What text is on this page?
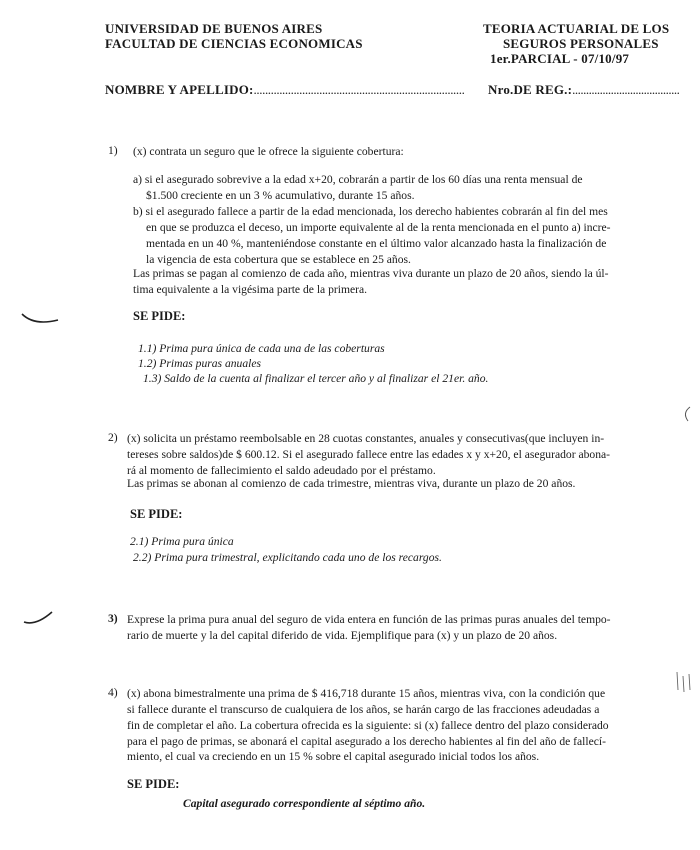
UNIVERSIDAD DE BUENOS AIRES
FACULTAD DE CIENCIAS ECONOMICAS
TEORIA ACTUARIAL DE LOS
SEGUROS PERSONALES
1er.PARCIAL - 07/10/97
NOMBRE Y APELLIDO:.......................................................................... Nro.DE REG.:.......................................
1) (x) contrata un seguro que le ofrece la siguiente cobertura:
a) si el asegurado sobrevive a la edad x+20, cobrarán a partir de los 60 días una renta mensual de
$1.500 creciente en un 3 % acumulativo, durante 15 años.
b) si el asegurado fallece a partir de la edad mencionada, los derecho habientes cobrarán al fin del mes
en que se produzca el deceso, un importe equivalente al de la renta mencionada en el punto a) incre-
mentada en un 40 %, manteniéndose constante en el último valor alcanzado hasta la finalización de
la vigencia de esta cobertura que se establece en 25 años.
Las primas se pagan al comienzo de cada año, mientras viva durante un plazo de 20 años, siendo la úl-
tima equivalente a la vigésima parte de la primera.
SE PIDE:
1.1) Prima pura única de cada una de las coberturas
1.2) Primas puras anuales
1.3) Saldo de la cuenta al finalizar el tercer año y al finalizar el 21er. año.
2) (x) solicita un préstamo reembolsable en 28 cuotas constantes, anuales y consecutivas(que incluyen in-
tereses sobre saldos)de $ 600.12. Si el asegurado fallece entre las edades x y x+20, el asegurador abona-
rá al momento de fallecimiento el saldo adeudado por el préstamo.
Las primas se abonan al comienzo de cada trimestre, mientras viva, durante un plazo de 20 años.
SE PIDE:
2.1) Prima pura única
2.2) Prima pura trimestral, explicitando cada uno de los recargos.
3) Exprese la prima pura anual del seguro de vida entera en función de las primas puras anuales del tempo-
rario de muerte y la del capital diferido de vida. Ejemplifique para (x) y un plazo de 20 años.
4) (x) abona bimestralmente una prima de $ 416,718 durante 15 años, mientras viva, con la condición que
si fallece durante el transcurso de cualquiera de los años, se harán cargo de las fracciones adeudadas a
fin de completar el año. La cobertura ofrecida es la siguiente: si (x) fallece dentro del plazo considerado
para el pago de primas, se abonará el capital asegurado a los derecho habientes al fin del año de fallecí-
miento, el cual va creciendo en un 15 % sobre el capital asegurado inicial todos los años.
SE PIDE:
Capital asegurado correspondiente al séptimo año.
